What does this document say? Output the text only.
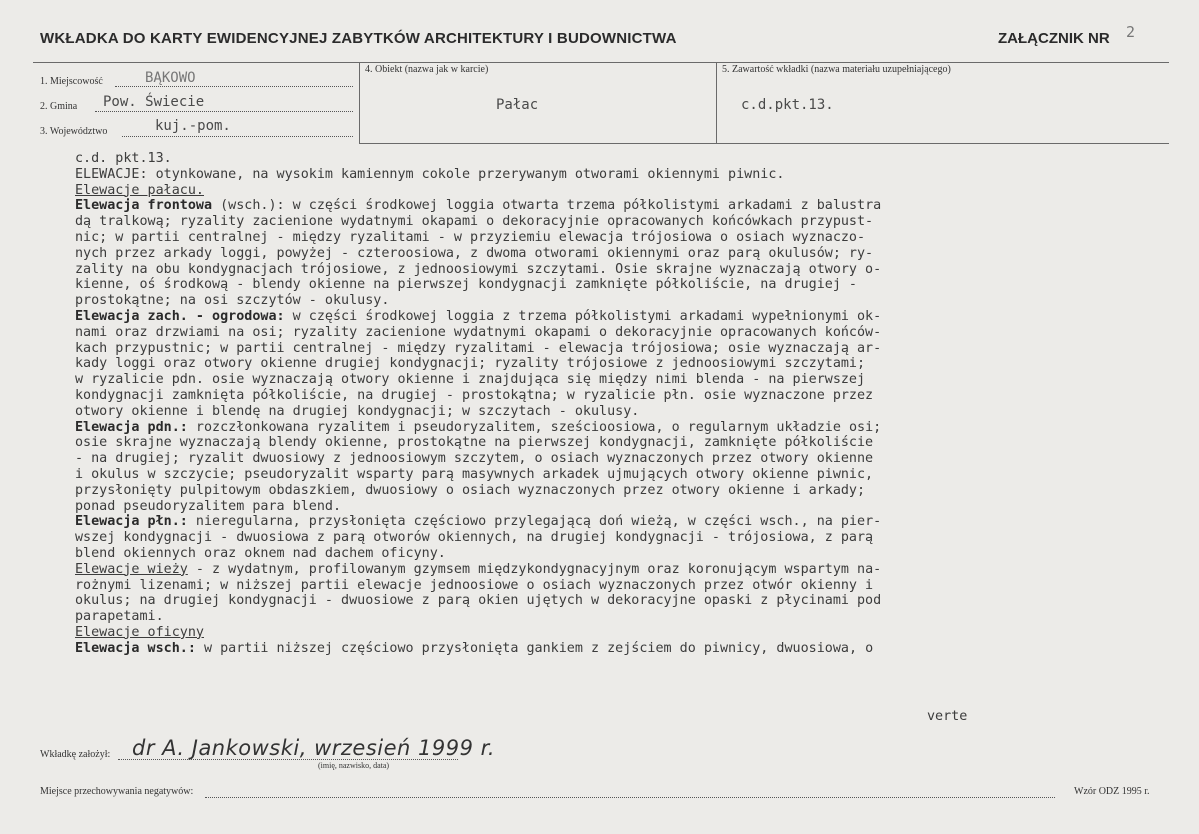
WKŁADKA DO KARTY EWIDENCYJNEJ ZABYTKÓW ARCHITEKTURY I BUDOWNICTWA	ZAŁĄCZNIK NR 2
1. Miejscowość	BĄKOWO
2. Gmina Pow. Świecie
3. Województwo	kuj.-pom.
4. Obiekt (nazwa jak w karcie)
Pałac
5. Zawartość wkładki (nazwa materiału uzupełniającego)
c.d.pkt.13.
c.d. pkt.13.
ELEWACJE: otynkowane, na wysokim kamiennym cokole przerywanym otworami okiennymi piwnic.
Elewacje pałacu.
Elewacja frontowa (wsch.): w części środkowej loggia otwarta trzema półkolistymi arkadami z balustra
dą tralkową; ryzality zacienione wydatnymi okapami o dekoracyjnie opracowanych końcówkach przypust-
nic; w partii centralnej - między ryzalitami - w przyziemiu elewacja trójosiowa o osiach wyznaczo-
nych przez arkady loggi, powyżej - czteroosiowa, z dwoma otworami okiennymi oraz parą okulusów; ry-
zality na obu kondygnacjach trójosiowe, z jednoosiowymi szczytami. Osie skrajne wyznaczają otwory o-
kienne, oś środkową - blendy okienne na pierwszej kondygnacji zamknięte półkoliście, na drugiej -
prostokątne; na osi szczytów - okulusy.
Elewacja zach. - ogrodowa: w części środkowej loggia z trzema półkolistymi arkadami wypełnionymi ok-
nami oraz drzwiami na osi; ryzality zacienione wydatnymi okapami o dekoracyjnie opracowanych końców-
kach przypustnic; w partii centralnej - między ryzalitami - elewacja trójosiowa; osie wyznaczają ar-
kady loggi oraz otwory okienne drugiej kondygnacji; ryzality trójosiowe z jednoosiowymi szczytami;
w ryzalicie pdn. osie wyznaczają otwory okienne i znajdująca się między nimi blenda - na pierwszej
kondygnacji zamknięta półkoliście, na drugiej - prostokątna; w ryzalicie płn. osie wyznaczone przez
otwory okienne i blendę na drugiej kondygnacji; w szczytach - okulusy.
Elewacja pdn.: rozczłonkowana ryzalitem i pseudoryzalitem, sześcioosiowa, o regularnym układzie osi;
osie skrajne wyznaczają blendy okienne, prostokątne na pierwszej kondygnacji, zamknięte półkoliście
- na drugiej; ryzalit dwuosiowy z jednoosiowym szczytem, o osiach wyznaczonych przez otwory okienne
i okulus w szczycie; pseudoryzalit wsparty parą masywnych arkadek ujmujących otwory okienne piwnic,
przysłonięty pulpitowym obdaszkiem, dwuosiowy o osiach wyznaczonych przez otwory okienne i arkady;
ponad pseudoryzalitem para blend.
Elewacja płn.: nieregularna, przysłonięta częściowo przylegającą doń wieżą, w części wsch., na pier-
wszej kondygnacji - dwuosiowa z parą otworów okiennych, na drugiej kondygnacji - trójosiowa, z parą
blend okiennych oraz oknem nad dachem oficyny.
Elewacje wieży - z wydatnym, profilowanym gzymsem międzykondygnacyjnym oraz koronującym wspartym na-
rożnymi lizenami; w niższej partii elewacje jednoosiowe o osiach wyznaczonych przez otwór okienny i
okulus; na drugiej kondygnacji - dwuosiowe z parą okien ujętych w dekoracyjne opaski z płycinami pod
parapetami.
Elewacje oficyny
Elewacja wsch.: w partii niższej częściowo przysłonięta gankiem z zejściem do piwnicy, dwuosiowa, o
verte
Wkładkę założył: dr A. Jankowski, wrzesień 1999 r.
(imię, nazwisko, data)
Miejsce przechowywania negatywów:	Wzór ODZ 1995 r.
